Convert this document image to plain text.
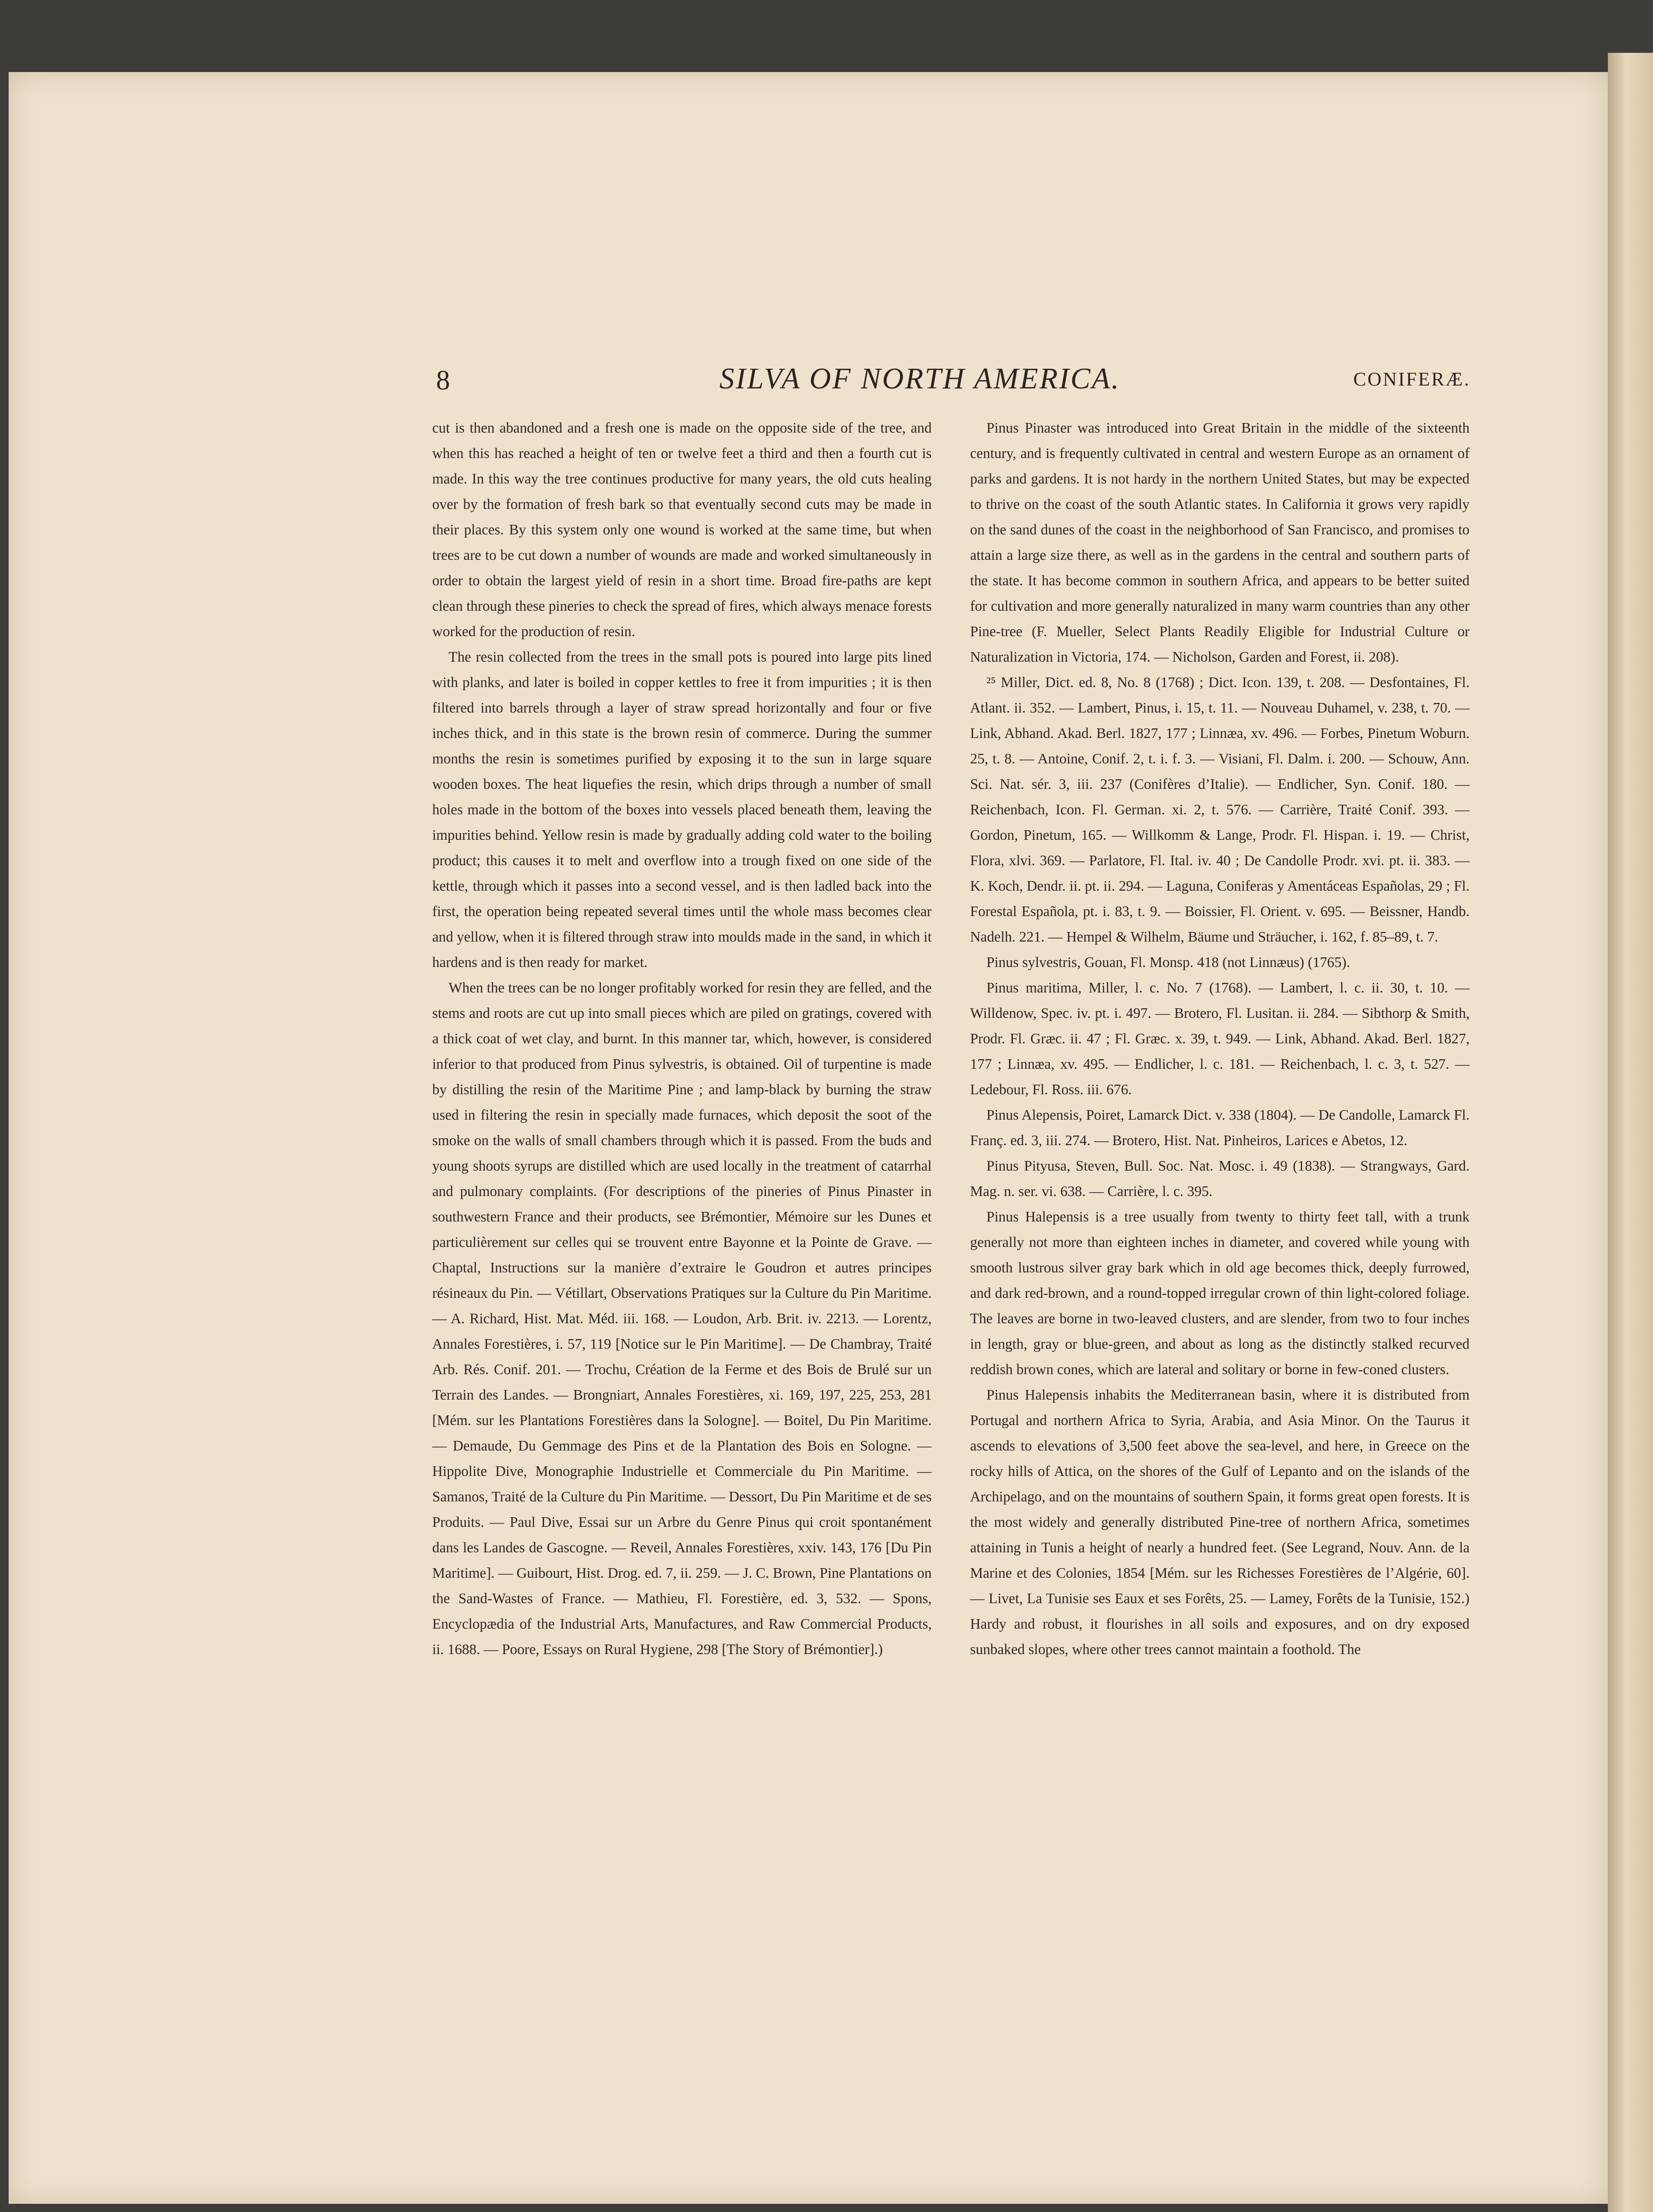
8	SILVA OF NORTH AMERICA.	CONIFERÆ.

cut is then abandoned and a fresh one is made on the opposite side of the tree, and when this has reached a height of ten or twelve feet a third and then a fourth cut is made. In this way the tree continues productive for many years, the old cuts healing over by the formation of fresh bark so that eventually second cuts may be made in their places. By this system only one wound is worked at the same time, but when trees are to be cut down a number of wounds are made and worked simultaneously in order to obtain the largest yield of resin in a short time. Broad fire-paths are kept clean through these pineries to check the spread of fires, which always menace forests worked for the production of resin.

The resin collected from the trees in the small pots is poured into large pits lined with planks, and later is boiled in copper kettles to free it from impurities ; it is then filtered into barrels through a layer of straw spread horizontally and four or five inches thick, and in this state is the brown resin of commerce. During the summer months the resin is sometimes purified by exposing it to the sun in large square wooden boxes. The heat liquefies the resin, which drips through a number of small holes made in the bottom of the boxes into vessels placed beneath them, leaving the impurities behind. Yellow resin is made by gradually adding cold water to the boiling product; this causes it to melt and overflow into a trough fixed on one side of the kettle, through which it passes into a second vessel, and is then ladled back into the first, the operation being repeated several times until the whole mass becomes clear and yellow, when it is filtered through straw into moulds made in the sand, in which it hardens and is then ready for market.

When the trees can be no longer profitably worked for resin they are felled, and the stems and roots are cut up into small pieces which are piled on gratings, covered with a thick coat of wet clay, and burnt. In this manner tar, which, however, is considered inferior to that produced from Pinus sylvestris, is obtained. Oil of turpentine is made by distilling the resin of the Maritime Pine ; and lamp-black by burning the straw used in filtering the resin in specially made furnaces, which deposit the soot of the smoke on the walls of small chambers through which it is passed. From the buds and young shoots syrups are distilled which are used locally in the treatment of catarrhal and pulmonary complaints. (For descriptions of the pineries of Pinus Pinaster in southwestern France and their products, see Brémontier, Mémoire sur les Dunes et particulièrement sur celles qui se trouvent entre Bayonne et la Pointe de Grave. — Chaptal, Instructions sur la manière d’extraire le Goudron et autres principes résineaux du Pin. — Vétillart, Observations Pratiques sur la Culture du Pin Maritime. — A. Richard, Hist. Mat. Méd. iii. 168. — Loudon, Arb. Brit. iv. 2213. — Lorentz, Annales Forestières, i. 57, 119 [Notice sur le Pin Maritime]. — De Chambray, Traité Arb. Rés. Conif. 201. — Trochu, Création de la Ferme et des Bois de Brulé sur un Terrain des Landes. — Brongniart, Annales Forestières, xi. 169, 197, 225, 253, 281 [Mém. sur les Plantations Forestières dans la Sologne]. — Boitel, Du Pin Maritime. — Demaude, Du Gemmage des Pins et de la Plantation des Bois en Sologne. — Hippolite Dive, Monographie Industrielle et Commerciale du Pin Maritime. — Samanos, Traité de la Culture du Pin Maritime. — Dessort, Du Pin Maritime et de ses Produits. — Paul Dive, Essai sur un Arbre du Genre Pinus qui croit spontanément dans les Landes de Gascogne. — Reveil, Annales Forestières, xxiv. 143, 176 [Du Pin Maritime]. — Guibourt, Hist. Drog. ed. 7, ii. 259. — J. C. Brown, Pine Plantations on the Sand-Wastes of France. — Mathieu, Fl. Forestière, ed. 3, 532. — Spons, Encyclopædia of the Industrial Arts, Manufactures, and Raw Commercial Products, ii. 1688. — Poore, Essays on Rural Hygiene, 298 [The Story of Brémontier].)

Pinus Pinaster was introduced into Great Britain in the middle of the sixteenth century, and is frequently cultivated in central and western Europe as an ornament of parks and gardens. It is not hardy in the northern United States, but may be expected to thrive on the coast of the south Atlantic states. In California it grows very rapidly on the sand dunes of the coast in the neighborhood of San Francisco, and promises to attain a large size there, as well as in the gardens in the central and southern parts of the state. It has become common in southern Africa, and appears to be better suited for cultivation and more generally naturalized in many warm countries than any other Pine-tree (F. Mueller, Select Plants Readily Eligible for Industrial Culture or Naturalization in Victoria, 174. — Nicholson, Garden and Forest, ii. 208).

²⁵ Miller, Dict. ed. 8, No. 8 (1768) ; Dict. Icon. 139, t. 208. — Desfontaines, Fl. Atlant. ii. 352. — Lambert, Pinus, i. 15, t. 11. — Nouveau Duhamel, v. 238, t. 70. — Link, Abhand. Akad. Berl. 1827, 177 ; Linnæa, xv. 496. — Forbes, Pinetum Woburn. 25, t. 8. — Antoine, Conif. 2, t. i. f. 3. — Visiani, Fl. Dalm. i. 200. — Schouw, Ann. Sci. Nat. sér. 3, iii. 237 (Conifères d’Italie). — Endlicher, Syn. Conif. 180. — Reichenbach, Icon. Fl. German. xi. 2, t. 576. — Carrière, Traité Conif. 393. — Gordon, Pinetum, 165. — Willkomm & Lange, Prodr. Fl. Hispan. i. 19. — Christ, Flora, xlvi. 369. — Parlatore, Fl. Ital. iv. 40 ; De Candolle Prodr. xvi. pt. ii. 383. — K. Koch, Dendr. ii. pt. ii. 294. — Laguna, Coniferas y Amentáceas Españolas, 29 ; Fl. Forestal Española, pt. i. 83, t. 9. — Boissier, Fl. Orient. v. 695. — Beissner, Handb. Nadelh. 221. — Hempel & Wilhelm, Bäume und Sträucher, i. 162, f. 85–89, t. 7.

Pinus sylvestris, Gouan, Fl. Monsp. 418 (not Linnæus) (1765).

Pinus maritima, Miller, l. c. No. 7 (1768). — Lambert, l. c. ii. 30, t. 10. — Willdenow, Spec. iv. pt. i. 497. — Brotero, Fl. Lusitan. ii. 284. — Sibthorp & Smith, Prodr. Fl. Græc. ii. 47 ; Fl. Græc. x. 39, t. 949. — Link, Abhand. Akad. Berl. 1827, 177 ; Linnæa, xv. 495. — Endlicher, l. c. 181. — Reichenbach, l. c. 3, t. 527. — Ledebour, Fl. Ross. iii. 676.

Pinus Alepensis, Poiret, Lamarck Dict. v. 338 (1804). — De Candolle, Lamarck Fl. Franç. ed. 3, iii. 274. — Brotero, Hist. Nat. Pinheiros, Larices e Abetos, 12.

Pinus Pityusa, Steven, Bull. Soc. Nat. Mosc. i. 49 (1838). — Strangways, Gard. Mag. n. ser. vi. 638. — Carrière, l. c. 395.

Pinus Halepensis is a tree usually from twenty to thirty feet tall, with a trunk generally not more than eighteen inches in diameter, and covered while young with smooth lustrous silver gray bark which in old age becomes thick, deeply furrowed, and dark red-brown, and a round-topped irregular crown of thin light-colored foliage. The leaves are borne in two-leaved clusters, and are slender, from two to four inches in length, gray or blue-green, and about as long as the distinctly stalked recurved reddish brown cones, which are lateral and solitary or borne in few-coned clusters.

Pinus Halepensis inhabits the Mediterranean basin, where it is distributed from Portugal and northern Africa to Syria, Arabia, and Asia Minor. On the Taurus it ascends to elevations of 3,500 feet above the sea-level, and here, in Greece on the rocky hills of Attica, on the shores of the Gulf of Lepanto and on the islands of the Archipelago, and on the mountains of southern Spain, it forms great open forests. It is the most widely and generally distributed Pine-tree of northern Africa, sometimes attaining in Tunis a height of nearly a hundred feet. (See Legrand, Nouv. Ann. de la Marine et des Colonies, 1854 [Mém. sur les Richesses Forestières de l’Algérie, 60]. — Livet, La Tunisie ses Eaux et ses Forêts, 25. — Lamey, Forêts de la Tunisie, 152.) Hardy and robust, it flourishes in all soils and exposures, and on dry exposed sunbaked slopes, where other trees cannot maintain a foothold. The
